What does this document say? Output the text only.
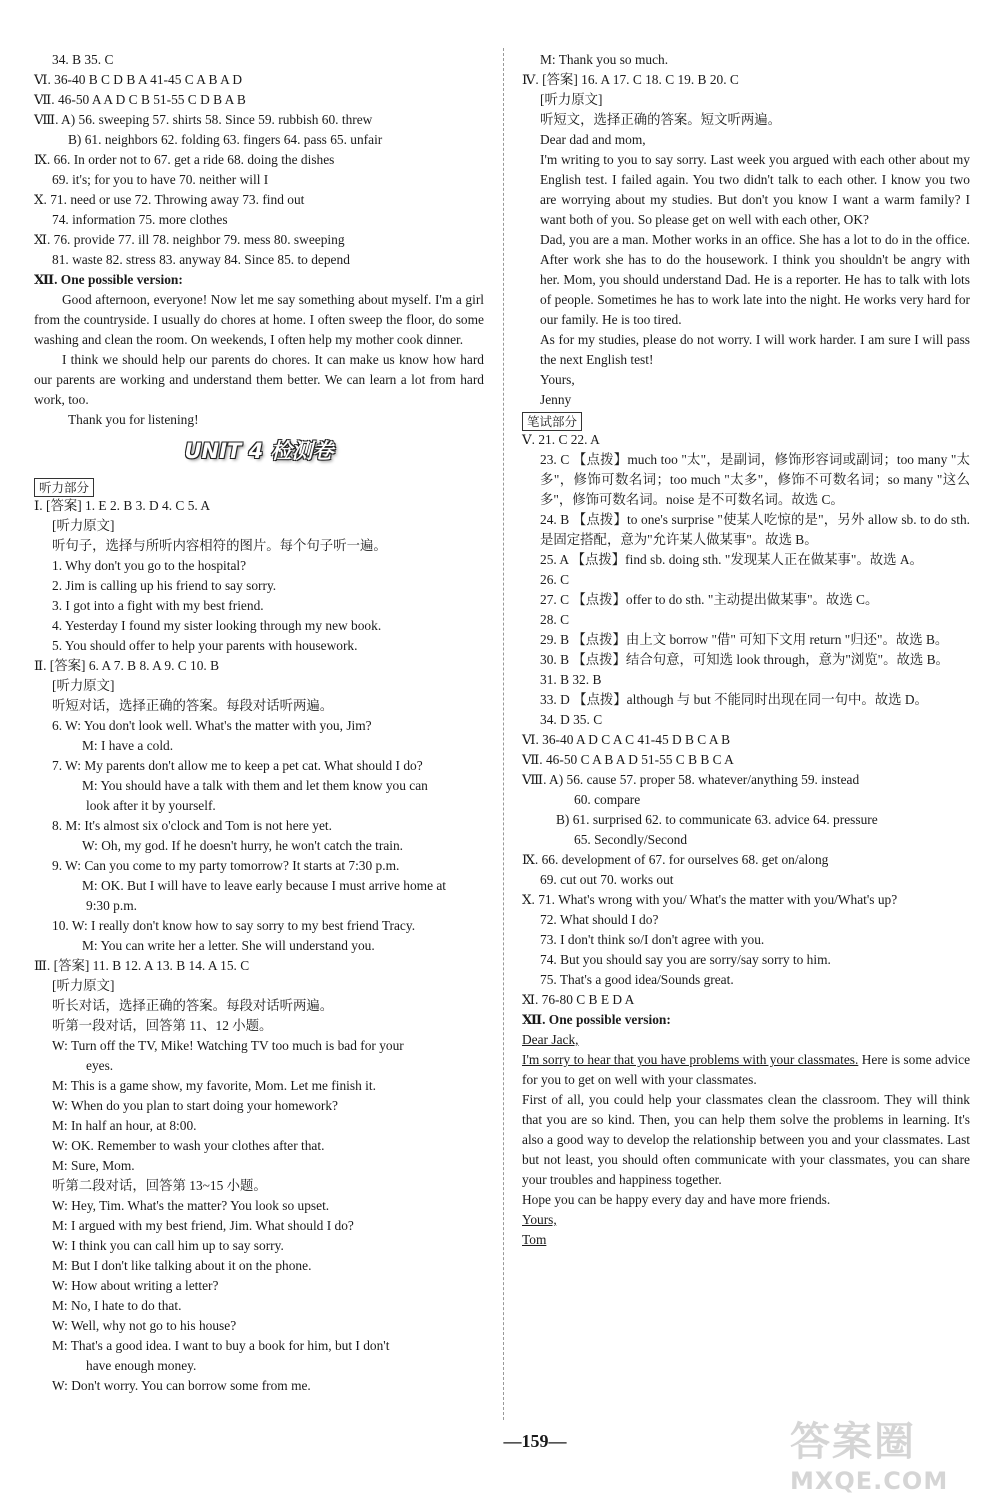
34. B 35. C
Ⅵ. 36-40 B C D B A 41-45 C A B A D
Ⅶ. 46-50 A A D C B 51-55 C D B A B
Ⅷ. A) 56. sweeping 57. shirts 58. Since 59. rubbish 60. threw
B) 61. neighbors 62. folding 63. fingers 64. pass 65. unfair
Ⅸ. 66. In order not to 67. get a ride 68. doing the dishes
69. it's; for you to have 70. neither will I
Ⅹ. 71. need or use 72. Throwing away 73. find out
74. information 75. more clothes
Ⅺ. 76. provide 77. ill 78. neighbor 79. mess 80. sweeping
81. waste 82. stress 83. anyway 84. Since 85. to depend
Ⅻ. One possible version:
Good afternoon, everyone! Now let me say something about myself. I'm a girl from the countryside. I usually do chores at home. I often sweep the floor, do some washing and clean the room. On weekends, I often help my mother cook dinner.
I think we should help our parents do chores. It can make us know how hard our parents are working and understand them better. We can learn a lot from hard work, too.
Thank you for listening!
UNIT 4 检测卷
听力部分
Ⅰ. [答案] 1. E 2. B 3. D 4. C 5. A
[听力原文]
听句子，选择与所听内容相符的图片。每个句子听一遍。
1. Why don't you go to the hospital?
2. Jim is calling up his friend to say sorry.
3. I got into a fight with my best friend.
4. Yesterday I found my sister looking through my new book.
5. You should offer to help your parents with housework.
Ⅱ. [答案] 6. A 7. B 8. A 9. C 10. B
[听力原文]
听短对话，选择正确的答案。每段对话听两遍。
6. W: You don't look well. What's the matter with you, Jim?
M: I have a cold.
7. W: My parents don't allow me to keep a pet cat. What should I do?
M: You should have a talk with them and let them know you can
look after it by yourself.
8. M: It's almost six o'clock and Tom is not here yet.
W: Oh, my god. If he doesn't hurry, he won't catch the train.
9. W: Can you come to my party tomorrow? It starts at 7:30 p.m.
M: OK. But I will have to leave early because I must arrive home at
9:30 p.m.
10. W: I really don't know how to say sorry to my best friend Tracy.
M: You can write her a letter. She will understand you.
Ⅲ. [答案] 11. B 12. A 13. B 14. A 15. C
[听力原文]
听长对话，选择正确的答案。每段对话听两遍。
听第一段对话，回答第 11、12 小题。
W: Turn off the TV, Mike! Watching TV too much is bad for your
eyes.
M: This is a game show, my favorite, Mom. Let me finish it.
W: When do you plan to start doing your homework?
M: In half an hour, at 8:00.
W: OK. Remember to wash your clothes after that.
M: Sure, Mom.
听第二段对话，回答第 13~15 小题。
W: Hey, Tim. What's the matter? You look so upset.
M: I argued with my best friend, Jim. What should I do?
W: I think you can call him up to say sorry.
M: But I don't like talking about it on the phone.
W: How about writing a letter?
M: No, I hate to do that.
W: Well, why not go to his house?
M: That's a good idea. I want to buy a book for him, but I don't
have enough money.
W: Don't worry. You can borrow some from me.
M: Thank you so much.
Ⅳ. [答案] 16. A 17. C 18. C 19. B 20. C
[听力原文]
听短文，选择正确的答案。短文听两遍。
Dear dad and mom,
I'm writing to you to say sorry. Last week you argued with each other about my English test. I failed again. You two didn't talk to each other. I know you two are worrying about my studies. But don't you know I want a warm family? I want both of you. So please get on well with each other, OK?
Dad, you are a man. Mother works in an office. She has a lot to do in the office. After work she has to do the housework. I think you shouldn't be angry with her. Mom, you should understand Dad. He is a reporter. He has to talk with lots of people. Sometimes he has to work late into the night. He works very hard for our family. He is too tired.
As for my studies, please do not worry. I will work harder. I am sure I will pass the next English test!
Yours,
Jenny
笔试部分
Ⅴ. 21. C 22. A
23. C 【点拨】much too "太"，是副词，修饰形容词或副词；too many "太多"，修饰可数名词；too much "太多"，修饰不可数名词；so many "这么多"，修饰可数名词。noise 是不可数名词。故选 C。
24. B 【点拨】to one's surprise "使某人吃惊的是"，另外 allow sb. to do sth. 是固定搭配，意为"允许某人做某事"。故选 B。
25. A 【点拨】find sb. doing sth. "发现某人正在做某事"。故选 A。
26. C
27. C 【点拨】offer to do sth. "主动提出做某事"。故选 C。
28. C
29. B 【点拨】由上文 borrow "借" 可知下文用 return "归还"。故选 B。
30. B 【点拨】结合句意，可知选 look through，意为"浏览"。故选 B。
31. B 32. B
33. D 【点拨】although 与 but 不能同时出现在同一句中。故选 D。
34. D 35. C
Ⅵ. 36-40 A D C A C 41-45 D B C A B
Ⅶ. 46-50 C A B A D 51-55 C B B C A
Ⅷ. A) 56. cause 57. proper 58. whatever/anything 59. instead
60. compare
B) 61. surprised 62. to communicate 63. advice 64. pressure
65. Secondly/Second
Ⅸ. 66. development of 67. for ourselves 68. get on/along
69. cut out 70. works out
Ⅹ. 71. What's wrong with you/ What's the matter with you/What's up?
72. What should I do?
73. I don't think so/I don't agree with you.
74. But you should say you are sorry/say sorry to him.
75. That's a good idea/Sounds great.
Ⅺ. 76-80 C B E D A
Ⅻ. One possible version:
Dear Jack,
I'm sorry to hear that you have problems with your classmates. Here is some advice for you to get on well with your classmates.
First of all, you could help your classmates clean the classroom. They will think that you are so kind. Then, you can help them solve the problems in learning. It's also a good way to develop the relationship between you and your classmates. Last but not least, you should often communicate with your classmates, you can share your troubles and happiness together.
Hope you can be happy every day and have more friends.
Yours,
Tom
—159—	答案圈
MXQE.COM
